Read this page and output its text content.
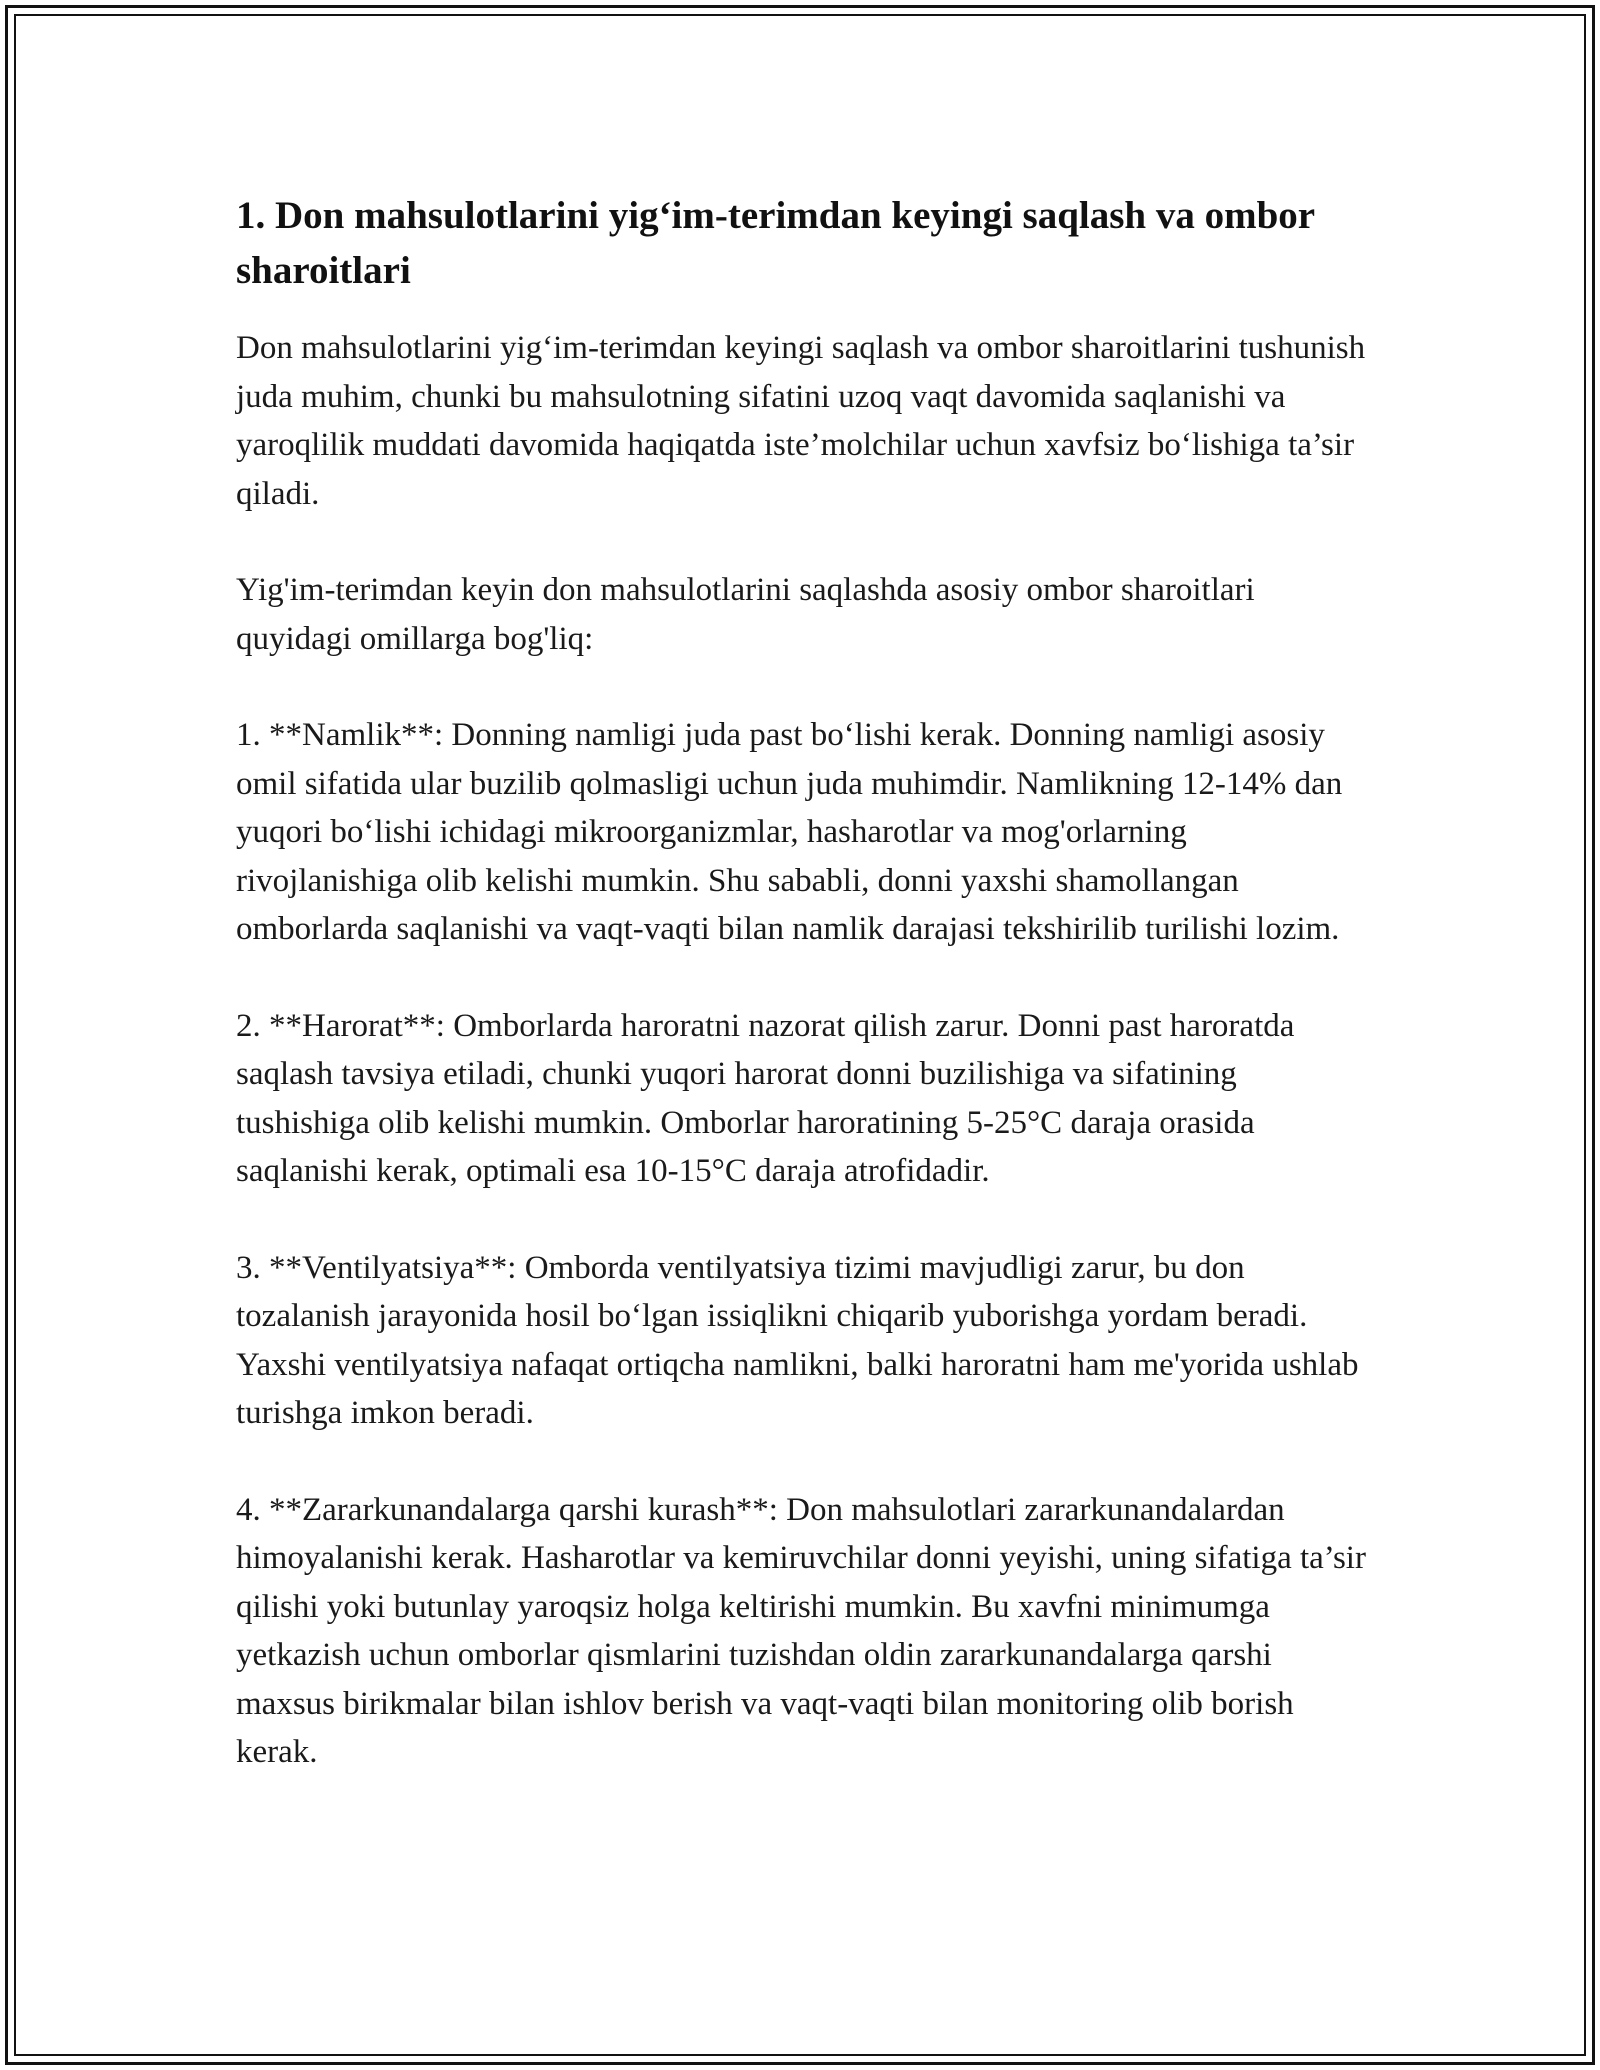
1. Don mahsulotlarini yig‘im-terimdan keyingi saqlash va ombor sharoitlari

Don mahsulotlarini yig‘im-terimdan keyingi saqlash va ombor sharoitlarini tushunish juda muhim, chunki bu mahsulotning sifatini uzoq vaqt davomida saqlanishi va yaroqlilik muddati davomida haqiqatda iste’molchilar uchun xavfsiz bo‘lishiga ta’sir qiladi.

Yig'im-terimdan keyin don mahsulotlarini saqlashda asosiy ombor sharoitlari quyidagi omillarga bog'liq:

1. **Namlik**: Donning namligi juda past bo‘lishi kerak. Donning namligi asosiy omil sifatida ular buzilib qolmasligi uchun juda muhimdir. Namlikning 12-14% dan yuqori bo‘lishi ichidagi mikroorganizmlar, hasharotlar va mog'orlarning rivojlanishiga olib kelishi mumkin. Shu sababli, donni yaxshi shamollangan omborlarda saqlanishi va vaqt-vaqti bilan namlik darajasi tekshirilib turilishi lozim.

2. **Harorat**: Omborlarda haroratni nazorat qilish zarur. Donni past haroratda saqlash tavsiya etiladi, chunki yuqori harorat donni buzilishiga va sifatining tushishiga olib kelishi mumkin. Omborlar haroratining 5-25°C daraja orasida saqlanishi kerak, optimali esa 10-15°C daraja atrofidadir.

3. **Ventilyatsiya**: Omborda ventilyatsiya tizimi mavjudligi zarur, bu don tozalanish jarayonida hosil bo‘lgan issiqlikni chiqarib yuborishga yordam beradi. Yaxshi ventilyatsiya nafaqat ortiqcha namlikni, balki haroratni ham me'yorida ushlab turishga imkon beradi.

4. **Zararkunandalarga qarshi kurash**: Don mahsulotlari zararkunandalardan himoyalanishi kerak. Hasharotlar va kemiruvchilar donni yeyishi, uning sifatiga ta’sir qilishi yoki butunlay yaroqsiz holga keltirishi mumkin. Bu xavfni minimumga yetkazish uchun omborlar qismlarini tuzishdan oldin zararkunandalarga qarshi maxsus birikmalar bilan ishlov berish va vaqt-vaqti bilan monitoring olib borish kerak.
